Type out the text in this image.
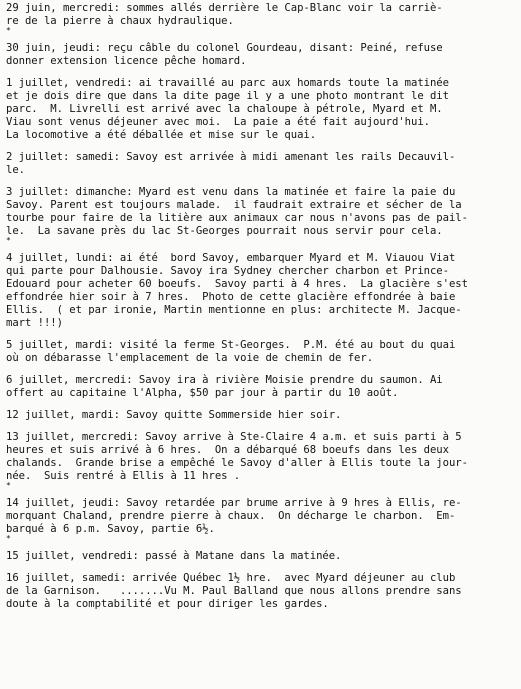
29 juin, mercredi: sommes allés derrière le Cap-Blanc voir la carriè-

re de la pierre à chaux hydraulique.

*

30 juin, jeudi: reçu câble du colonel Gourdeau, disant: Peiné, refuse

donner extension licence pêche homard.

1 juillet, vendredi: ai travaillé au parc aux homards toute la matinée

et je dois dire que dans la dite page il y a une photo montrant le dit

parc.  M. Livrelli est arrivé avec la chaloupe à pétrole, Myard et M.

Viau sont venus déjeuner avec moi.  La paie a été fait aujourd'hui.

La locomotive a été déballée et mise sur le quai.

2 juillet: samedi: Savoy est arrivée à midi amenant les rails Decauvil-

le.

3 juillet: dimanche: Myard est venu dans la matinée et faire la paie du

Savoy. Parent est toujours malade.  il faudrait extraire et sécher de la

tourbe pour faire de la litière aux animaux car nous n'avons pas de pail-

le.  La savane près du lac St-Georges pourrait nous servir pour cela.

*

4 juillet, lundi: ai été  bord Savoy, embarquer Myard et M. Viauou Viat

qui parte pour Dalhousie. Savoy ira Sydney chercher charbon et Prince-

Edouard pour acheter 60 boeufs.  Savoy parti à 4 hres.  La glacière s'est

effondrée hier soir à 7 hres.  Photo de cette glacière effondrée à baie

Ellis.  ( et par ironie, Martin mentionne en plus: architecte M. Jacque-

mart !!!)

5 juillet, mardi: visité la ferme St-Georges.  P.M. été au bout du quai

où on débarasse l'emplacement de la voie de chemin de fer.

6 juillet, mercredi: Savoy ira à rivière Moisie prendre du saumon. Ai

offert au capitaine l'Alpha, $50 par jour à partir du 10 août.

12 juillet, mardi: Savoy quitte Sommerside hier soir.

13 juillet, mercredi: Savoy arrive à Ste-Claire 4 a.m. et suis parti à 5

heures et suis arrivé à 6 hres.  On a débarqué 68 boeufs dans les deux

chalands.  Grande brise a empêché le Savoy d'aller à Ellis toute la jour-

née.  Suis rentré à Ellis à 11 hres .

*

14 juillet, jeudi: Savoy retardée par brume arrive à 9 hres à Ellis, re-

morquant Chaland, prendre pierre à chaux.  On décharge le charbon.  Em-

barqué à 6 p.m. Savoy, partie 6½.

*

15 juillet, vendredi: passé à Matane dans la matinée.

16 juillet, samedi: arrivée Québec 1½ hre.  avec Myard déjeuner au club

de la Garnison.   .......Vu M. Paul Balland que nous allons prendre sans

doute à la comptabilité et pour diriger les gardes.
